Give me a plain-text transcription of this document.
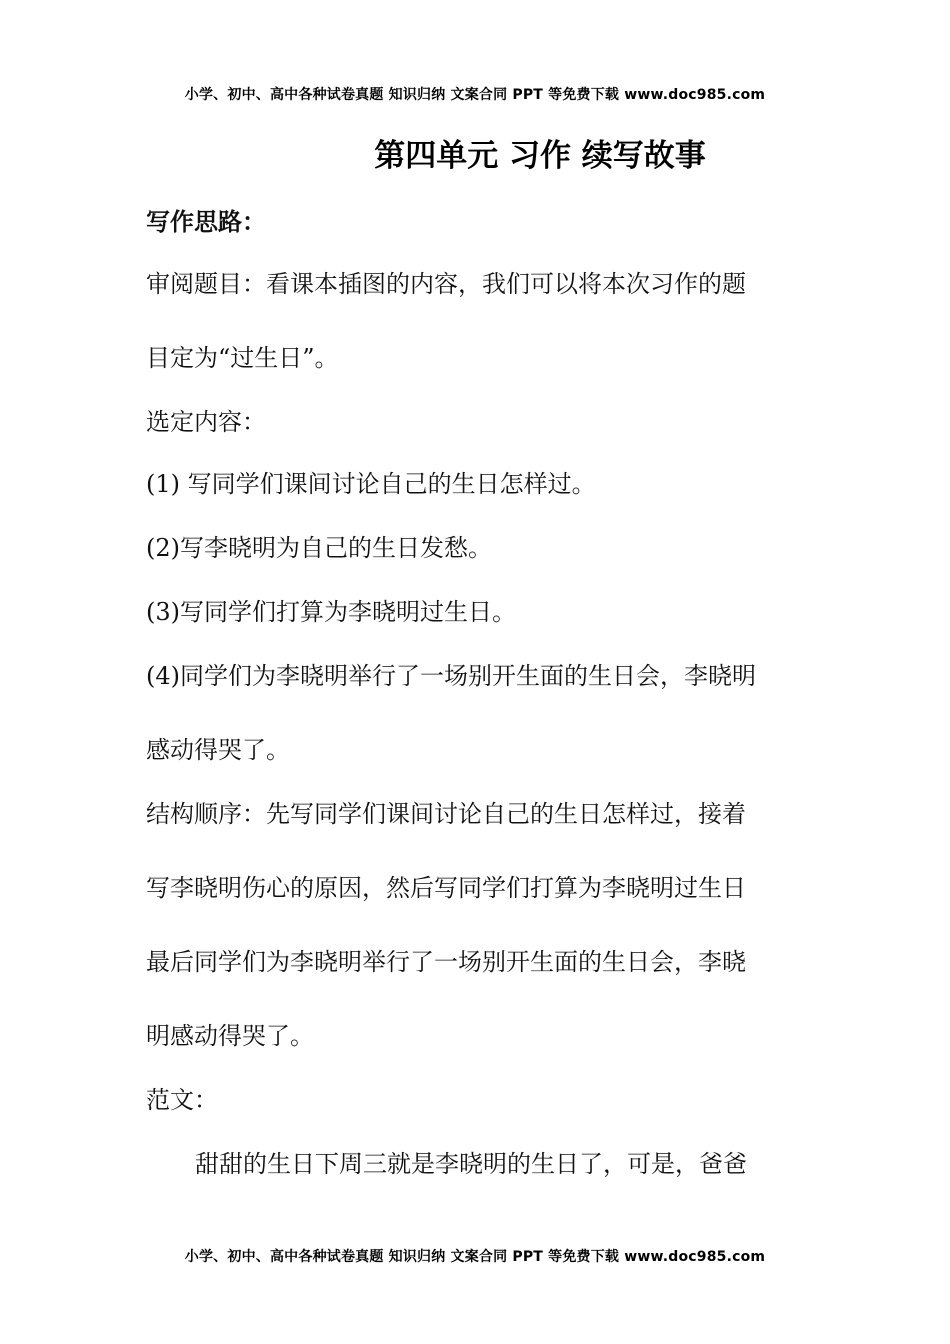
小学、初中、高中各种试卷真题 知识归纳 文案合同 PPT 等免费下载 www.doc985.com
第四单元 习作 续写故事
写作思路：
审阅题目：看课本插图的内容，我们可以将本次习作的题
目定为“过生日”。
选定内容：
(1) 写同学们课间讨论自己的生日怎样过。
(2)写李晓明为自己的生日发愁。
(3)写同学们打算为李晓明过生日。
(4)同学们为李晓明举行了一场别开生面的生日会，李晓明
感动得哭了。
结构顺序：先写同学们课间讨论自己的生日怎样过，接着
写李晓明伤心的原因，然后写同学们打算为李晓明过生日
最后同学们为李晓明举行了一场别开生面的生日会，李晓
明感动得哭了。
范文：
甜甜的生日下周三就是李晓明的生日了，可是，爸爸
小学、初中、高中各种试卷真题 知识归纳 文案合同 PPT 等免费下载 www.doc985.com
